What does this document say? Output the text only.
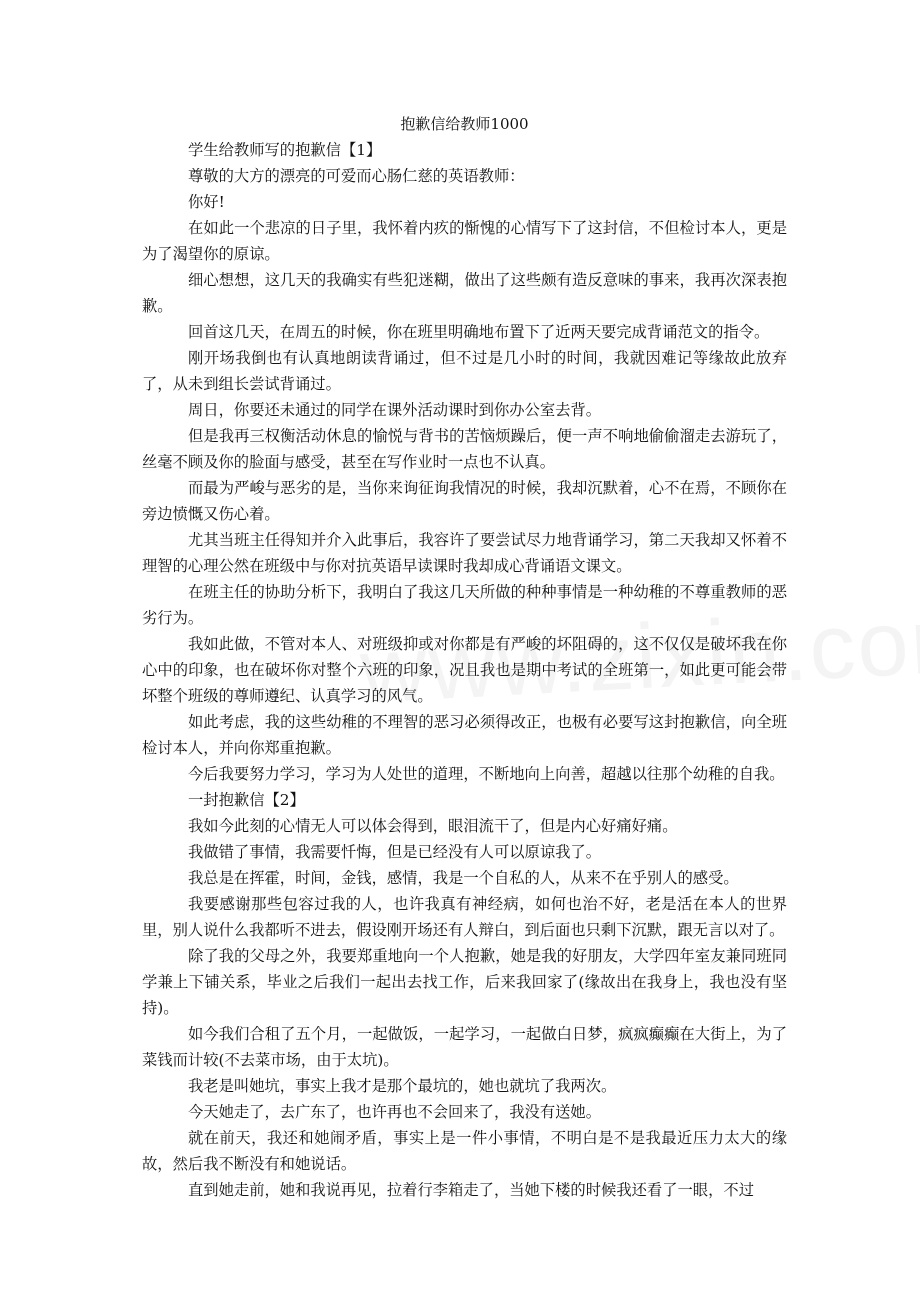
抱歉信给教师1000

学生给教师写的抱歉信【1】

尊敬的大方的漂亮的可爱而心肠仁慈的英语教师：

你好!

在如此一个悲凉的日子里，我怀着内疚的惭愧的心情写下了这封信，不但检讨本人，更是为了渴望你的原谅。

细心想想，这几天的我确实有些犯迷糊，做出了这些颇有造反意味的事来，我再次深表抱歉。

回首这几天，在周五的时候，你在班里明确地布置下了近两天要完成背诵范文的指令。

刚开场我倒也有认真地朗读背诵过，但不过是几小时的时间，我就因难记等缘故此放弃了，从未到组长尝试背诵过。

周日，你要还未通过的同学在课外活动课时到你办公室去背。

但是我再三权衡活动休息的愉悦与背书的苦恼烦躁后，便一声不响地偷偷溜走去游玩了，丝毫不顾及你的脸面与感受，甚至在写作业时一点也不认真。

而最为严峻与恶劣的是，当你来询征询我情况的时候，我却沉默着，心不在焉，不顾你在旁边愤慨又伤心着。

尤其当班主任得知并介入此事后，我容许了要尝试尽力地背诵学习，第二天我却又怀着不理智的心理公然在班级中与你对抗英语早读课时我却成心背诵语文课文。

在班主任的协助分析下，我明白了我这几天所做的种种事情是一种幼稚的不尊重教师的恶劣行为。

我如此做，不管对本人、对班级抑或对你都是有严峻的坏阻碍的，这不仅仅是破坏我在你心中的印象，也在破坏你对整个六班的印象，况且我也是期中考试的全班第一，如此更可能会带坏整个班级的尊师遵纪、认真学习的风气。

如此考虑，我的这些幼稚的不理智的恶习必须得改正，也极有必要写这封抱歉信，向全班检讨本人，并向你郑重抱歉。

今后我要努力学习，学习为人处世的道理，不断地向上向善，超越以往那个幼稚的自我。

一封抱歉信【2】

我如今此刻的心情无人可以体会得到，眼泪流干了，但是内心好痛好痛。

我做错了事情，我需要忏悔，但是已经没有人可以原谅我了。

我总是在挥霍，时间，金钱，感情，我是一个自私的人，从来不在乎别人的感受。

我要感谢那些包容过我的人，也许我真有神经病，如何也治不好，老是活在本人的世界里，别人说什么我都听不进去，假设刚开场还有人辩白，到后面也只剩下沉默，跟无言以对了。

除了我的父母之外，我要郑重地向一个人抱歉，她是我的好朋友，大学四年室友兼同班同学兼上下铺关系，毕业之后我们一起出去找工作，后来我回家了(缘故出在我身上，我也没有坚持)。

如今我们合租了五个月，一起做饭，一起学习，一起做白日梦，疯疯癫癫在大街上，为了菜钱而计较(不去菜市场，由于太坑)。

我老是叫她坑，事实上我才是那个最坑的，她也就坑了我两次。

今天她走了，去广东了，也许再也不会回来了，我没有送她。

就在前天，我还和她闹矛盾，事实上是一件小事情，不明白是不是我最近压力太大的缘故，然后我不断没有和她说话。

直到她走前，她和我说再见，拉着行李箱走了，当她下楼的时候我还看了一眼，不过
